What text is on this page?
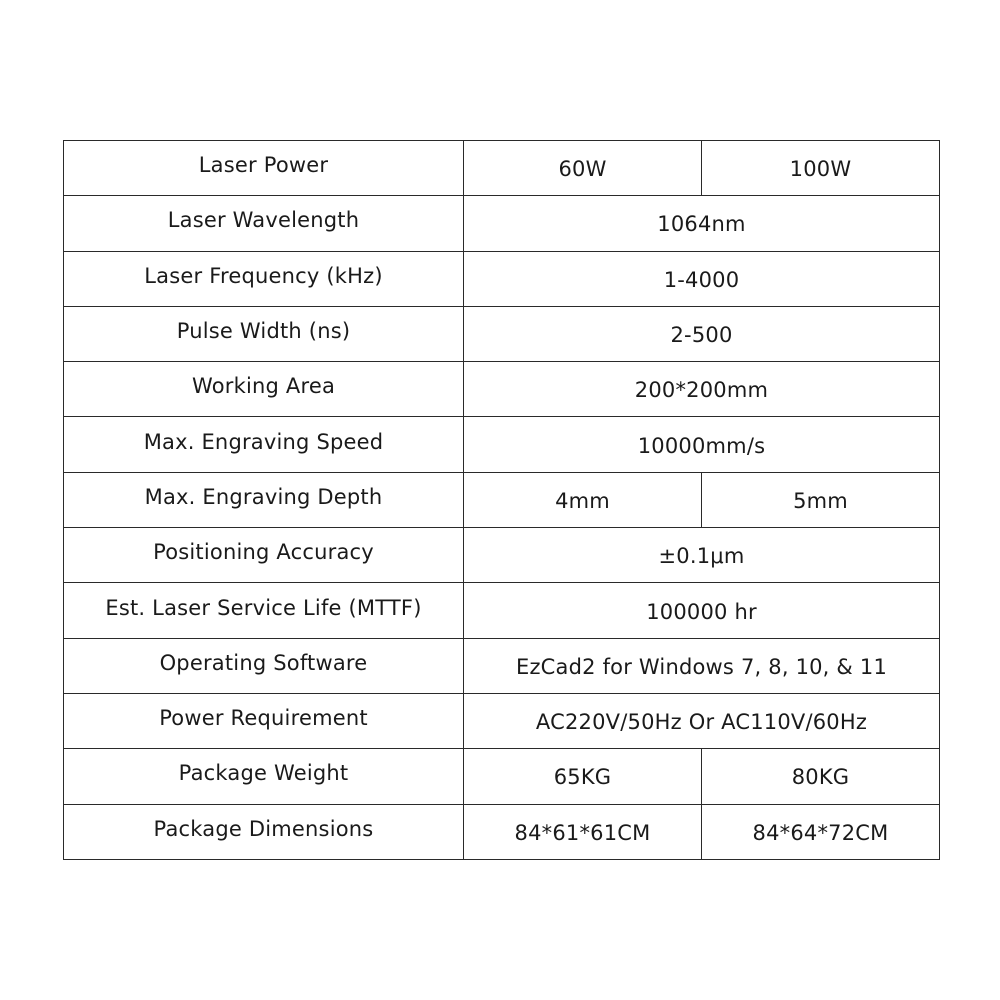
Laser Power	60W	100W
Laser Wavelength	1064nm	
Laser Frequency (kHz)	1-4000	
Pulse Width (ns)	2-500	
Working Area	200*200mm	
Max. Engraving Speed	10000mm/s	
Max. Engraving Depth	4mm	5mm
Positioning Accuracy	±0.1μm	
Est. Laser Service Life (MTTF)	100000 hr	
Operating Software	EzCad2 for Windows 7, 8, 10, & 11	
Power Requirement	AC220V/50Hz Or AC110V/60Hz	
Package Weight	65KG	80KG
Package Dimensions	84*61*61CM	84*64*72CM
